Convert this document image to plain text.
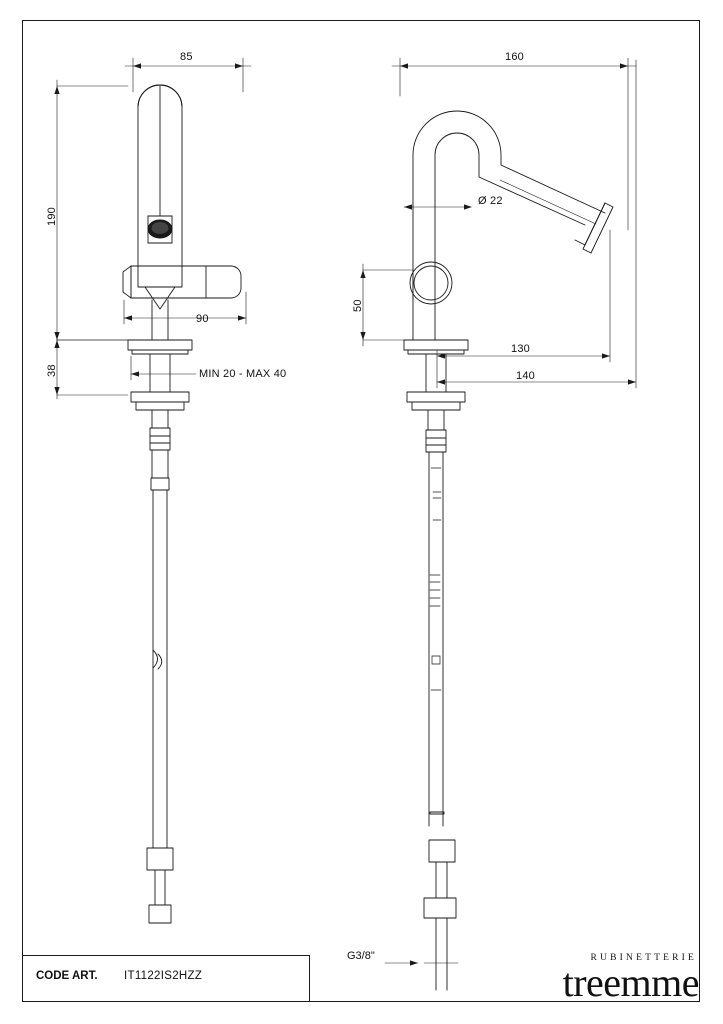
85
190
38
90
MIN 20 - MAX 40
160
Ø 22
50
130
140
G3/8"
CODE ART. IT1122IS2HZZ
RUBINETTERIE
treemme
